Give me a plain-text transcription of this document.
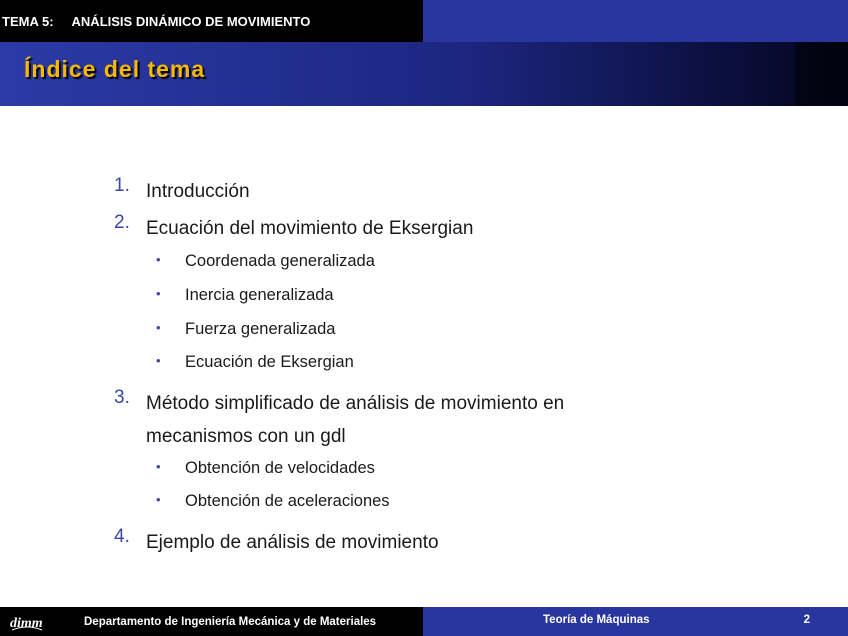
TEMA 5: ANÁLISIS DINÁMICO DE MOVIMIENTO
Índice del tema
1. Introducción
2. Ecuación del movimiento de Eksergian
• Coordenada generalizada
• Inercia generalizada
• Fuerza generalizada
• Ecuación de Eksergian
3. Método simplificado de análisis de movimiento en
mecanismos con un gdl
• Obtención de velocidades
• Obtención de aceleraciones
4. Ejemplo de análisis de movimiento
dimm	Departamento de Ingeniería Mecánica y de Materiales	Teoría de Máquinas	2
